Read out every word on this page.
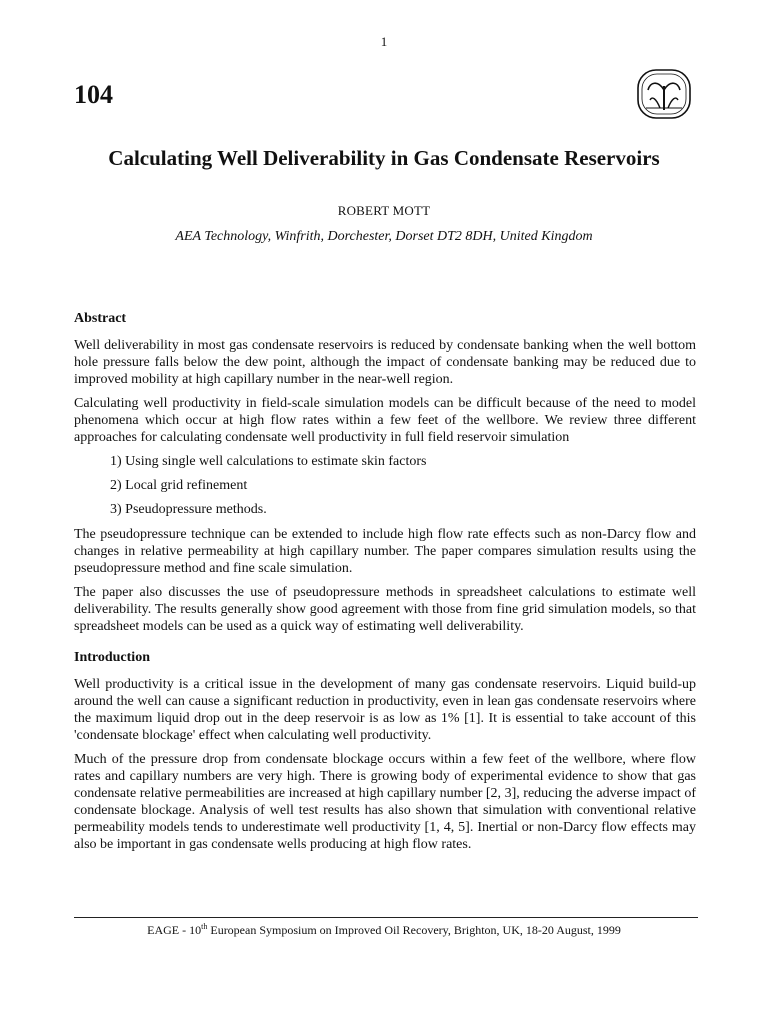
1
104
Calculating Well Deliverability in Gas Condensate Reservoirs
ROBERT MOTT
AEA Technology, Winfrith, Dorchester, Dorset DT2 8DH, United Kingdom
Abstract

Well deliverability in most gas condensate reservoirs is reduced by condensate banking when the well bottom hole pressure falls below the dew point, although the impact of condensate banking may be reduced due to improved mobility at high capillary number in the near-well region.

Calculating well productivity in field-scale simulation models can be difficult because of the need to model phenomena which occur at high flow rates within a few feet of the wellbore. We review three different approaches for calculating condensate well productivity in full field reservoir simulation

1) Using single well calculations to estimate skin factors
2) Local grid refinement
3) Pseudopressure methods.

The pseudopressure technique can be extended to include high flow rate effects such as non-Darcy flow and changes in relative permeability at high capillary number. The paper compares simulation results using the pseudopressure method and fine scale simulation.

The paper also discusses the use of pseudopressure methods in spreadsheet calculations to estimate well deliverability. The results generally show good agreement with those from fine grid simulation models, so that spreadsheet models can be used as a quick way of estimating well deliverability.

Introduction

Well productivity is a critical issue in the development of many gas condensate reservoirs. Liquid build-up around the well can cause a significant reduction in productivity, even in lean gas condensate reservoirs where the maximum liquid drop out in the deep reservoir is as low as 1% [1]. It is essential to take account of this 'condensate blockage' effect when calculating well productivity.

Much of the pressure drop from condensate blockage occurs within a few feet of the wellbore, where flow rates and capillary numbers are very high. There is growing body of experimental evidence to show that gas condensate relative permeabilities are increased at high capillary number [2, 3], reducing the adverse impact of condensate blockage. Analysis of well test results has also shown that simulation with conventional relative permeability models tends to underestimate well productivity [1, 4, 5]. Inertial or non-Darcy flow effects may also be important in gas condensate wells producing at high flow rates.

EAGE - 10th European Symposium on Improved Oil Recovery, Brighton, UK, 18-20 August, 1999
